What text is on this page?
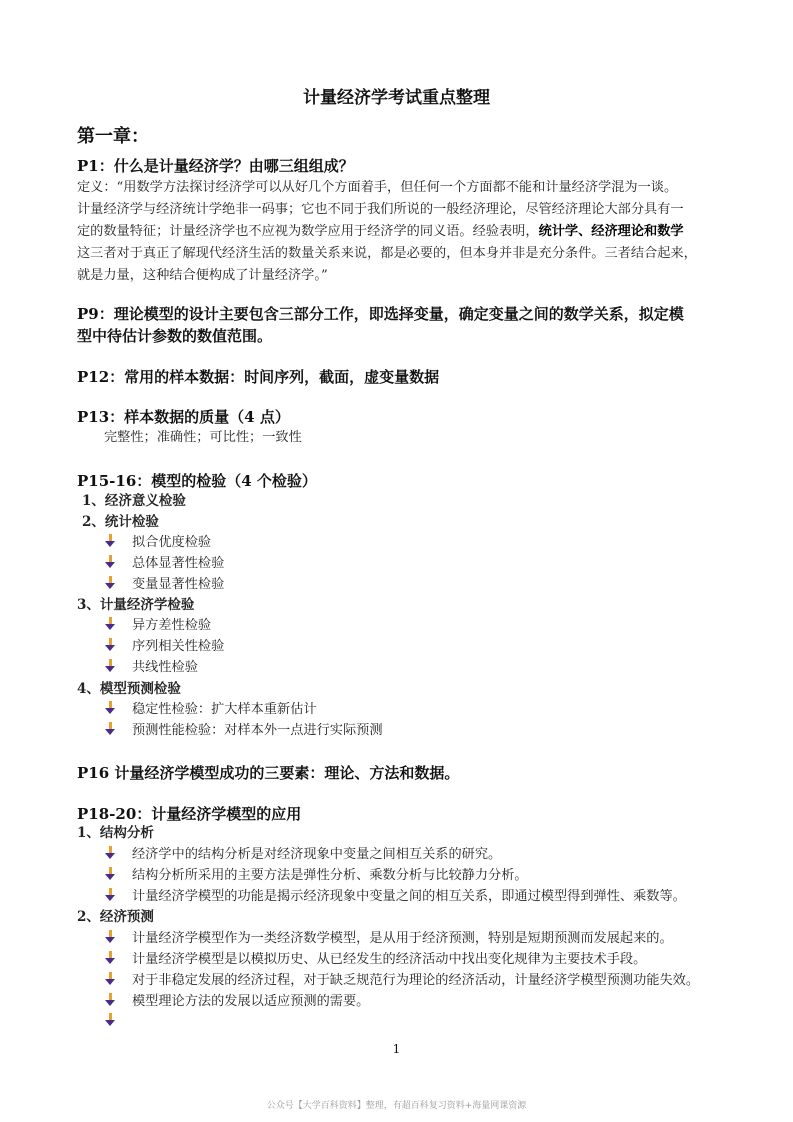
计量经济学考试重点整理
第一章：
P1：什么是计量经济学？由哪三组组成？
定义：“用数学方法探讨经济学可以从好几个方面着手，但任何一个方面都不能和计量经济学混为一谈。
计量经济学与经济统计学绝非一码事；它也不同于我们所说的一般经济理论，尽管经济理论大部分具有一
定的数量特征；计量经济学也不应视为数学应用于经济学的同义语。经验表明，统计学、经济理论和数学
这三者对于真正了解现代经济生活的数量关系来说，都是必要的，但本身并非是充分条件。三者结合起来，
就是力量，这种结合便构成了计量经济学。”
P9：理论模型的设计主要包含三部分工作，即选择变量，确定变量之间的数学关系，拟定模
型中待估计参数的数值范围。
P12：常用的样本数据：时间序列，截面，虚变量数据
P13：样本数据的质量（4 点）
完整性；准确性；可比性；一致性
P15-16：模型的检验（4 个检验）
1、经济意义检验
2、统计检验
拟合优度检验
总体显著性检验
变量显著性检验
3、计量经济学检验
异方差性检验
序列相关性检验
共线性检验
4、模型预测检验
稳定性检验：扩大样本重新估计
预测性能检验：对样本外一点进行实际预测
P16 计量经济学模型成功的三要素：理论、方法和数据。
P18-20：计量经济学模型的应用
1、结构分析
经济学中的结构分析是对经济现象中变量之间相互关系的研究。
结构分析所采用的主要方法是弹性分析、乘数分析与比较静力分析。
计量经济学模型的功能是揭示经济现象中变量之间的相互关系，即通过模型得到弹性、乘数等。
2、经济预测
计量经济学模型作为一类经济数学模型，是从用于经济预测，特别是短期预测而发展起来的。
计量经济学模型是以模拟历史、从已经发生的经济活动中找出变化规律为主要技术手段。
对于非稳定发展的经济过程，对于缺乏规范行为理论的经济活动，计量经济学模型预测功能失效。
模型理论方法的发展以适应预测的需要。
1
公众号【大学百科资料】整理，有超百科复习资料+海量网课资源
